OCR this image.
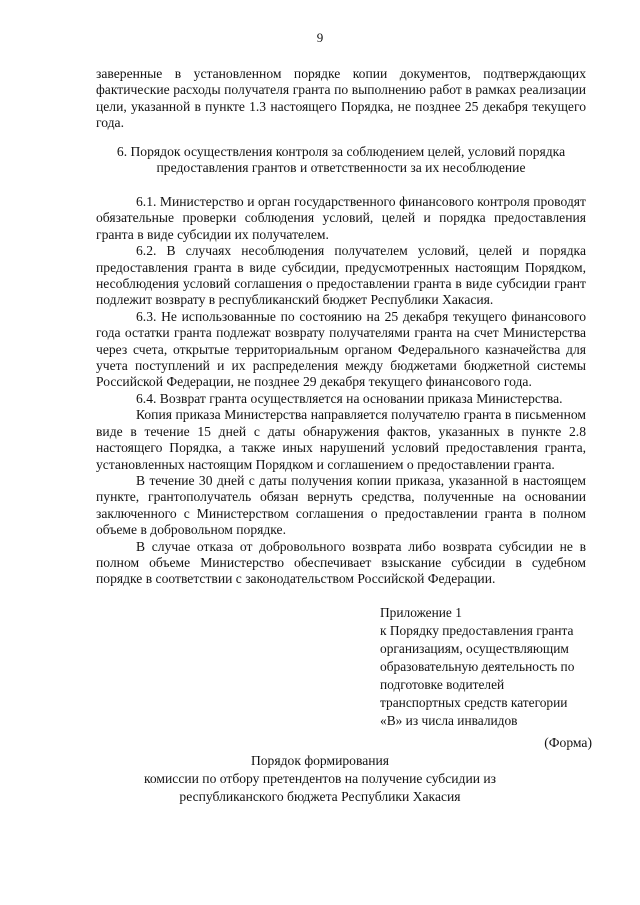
9

заверенные в установленном порядке копии документов, подтверждающих фактические расходы получателя гранта по выполнению работ в рамках реализации цели, указанной в пункте 1.3 настоящего Порядка, не позднее 25 декабря текущего года.

6. Порядок осуществления контроля за соблюдением целей, условий порядка
предоставления грантов и ответственности за их несоблюдение

6.1. Министерство и орган государственного финансового контроля проводят обязательные проверки соблюдения условий, целей и порядка предоставления гранта в виде субсидии их получателем.

6.2. В случаях несоблюдения получателем условий, целей и порядка предоставления гранта в виде субсидии, предусмотренных настоящим Порядком, несоблюдения условий соглашения о предоставлении гранта в виде субсидии грант подлежит возврату в республиканский бюджет Республики Хакасия.

6.3. Не использованные по состоянию на 25 декабря текущего финансового года остатки гранта подлежат возврату получателями гранта на счет Министерства через счета, открытые территориальным органом Федерального казначейства для учета поступлений и их распределения между бюджетами бюджетной системы Российской Федерации, не позднее 29 декабря текущего финансового года.

6.4. Возврат гранта осуществляется на основании приказа Министерства.

Копия приказа Министерства направляется получателю гранта в письменном виде в течение 15 дней с даты обнаружения фактов, указанных в пункте 2.8 настоящего Порядка, а также иных нарушений условий предоставления гранта, установленных настоящим Порядком и соглашением о предоставлении гранта.

В течение 30 дней с даты получения копии приказа, указанной в настоящем пункте, грантополучатель обязан вернуть средства, полученные на основании заключенного с Министерством соглашения о предоставлении гранта в полном объеме в добровольном порядке.

В случае отказа от добровольного возврата либо возврата субсидии не в полном объеме Министерство обеспечивает взыскание субсидии в судебном порядке в соответствии с законодательством Российской Федерации.

Приложение 1
к Порядку предоставления гранта
организациям, осуществляющим
образовательную деятельность по
подготовке водителей
транспортных средств категории
«В» из числа инвалидов
(Форма)
Порядок формирования
комиссии по отбору претендентов на получение субсидии из
республиканского бюджета Республики Хакасия
